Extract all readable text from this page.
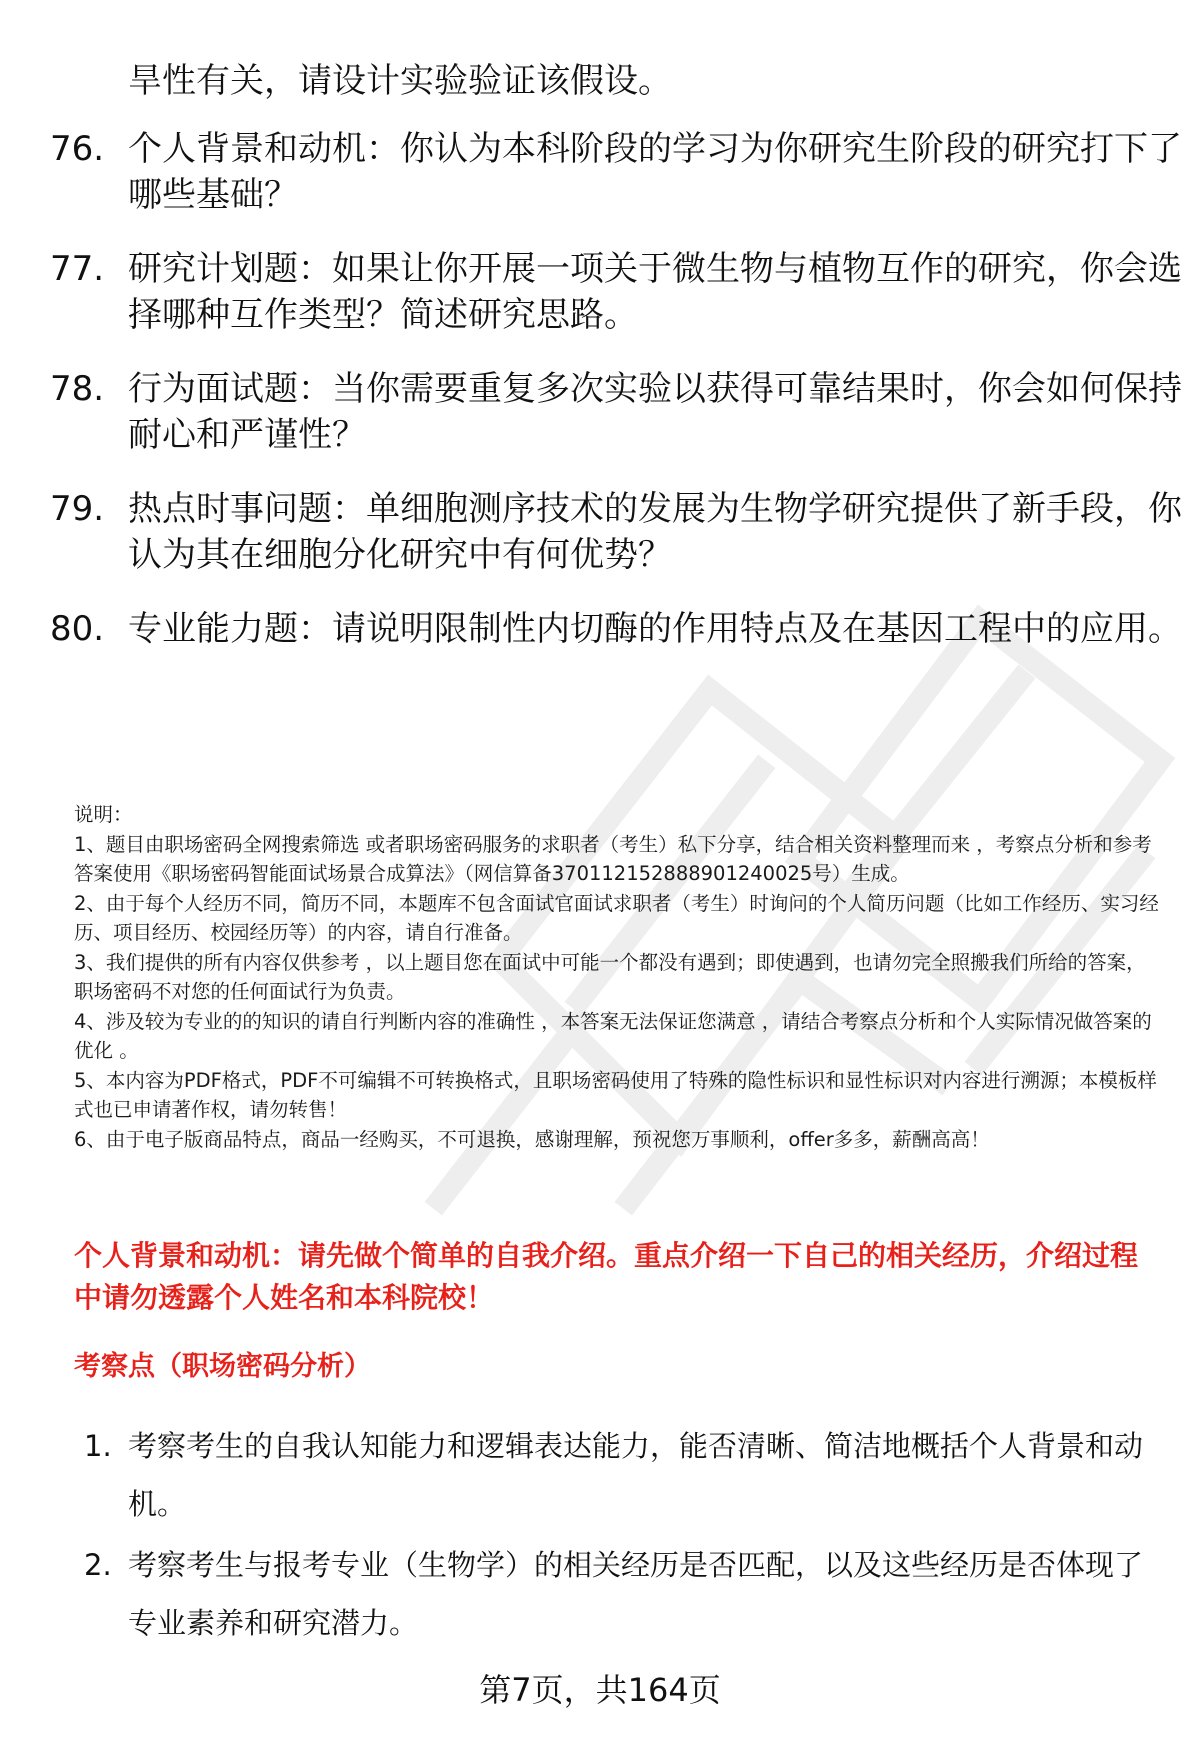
旱性有关，请设计实验验证该假设。
76. 个人背景和动机：你认为本科阶段的学习为你研究生阶段的研究打下了哪些基础？
77. 研究计划题：如果让你开展一项关于微生物与植物互作的研究，你会选择哪种互作类型？简述研究思路。
78. 行为面试题：当你需要重复多次实验以获得可靠结果时，你会如何保持耐心和严谨性？
79. 热点时事问题：单细胞测序技术的发展为生物学研究提供了新手段，你认为其在细胞分化研究中有何优势？
80. 专业能力题：请说明限制性内切酶的作用特点及在基因工程中的应用。

说明：

1、题目由职场密码全网搜索筛选 或者职场密码服务的求职者（考生）私下分享，结合相关资料整理而来 ，考察点分析和参考答案使用《职场密码智能面试场景合成算法》（网信算备370112152888901240025号）生成。

2、由于每个人经历不同，简历不同，本题库不包含面试官面试求职者（考生）时询问的个人简历问题（比如工作经历、实习经历、项目经历、校园经历等）的内容，请自行准备。

3、我们提供的所有内容仅供参考 ，以上题目您在面试中可能一个都没有遇到；即使遇到，也请勿完全照搬我们所给的答案，职场密码不对您的任何面试行为负责。

4、涉及较为专业的的知识的请自行判断内容的准确性 ，本答案无法保证您满意 ，请结合考察点分析和个人实际情况做答案的优化 。

5、本内容为PDF格式，PDF不可编辑不可转换格式，且职场密码使用了特殊的隐性标识和显性标识对内容进行溯源；本模板样式也已申请著作权，请勿转售！

6、由于电子版商品特点，商品一经购买，不可退换，感谢理解，预祝您万事顺利，offer多多，薪酬高高！

个人背景和动机：请先做个简单的自我介绍。重点介绍一下自己的相关经历，介绍过程中请勿透露个人姓名和本科院校！
考察点（职场密码分析）
1. 考察考生的自我认知能力和逻辑表达能力，能否清晰、简洁地概括个人背景和动机。
2. 考察考生与报考专业（生物学）的相关经历是否匹配，以及这些经历是否体现了专业素养和研究潜力。
第7页，共164页
